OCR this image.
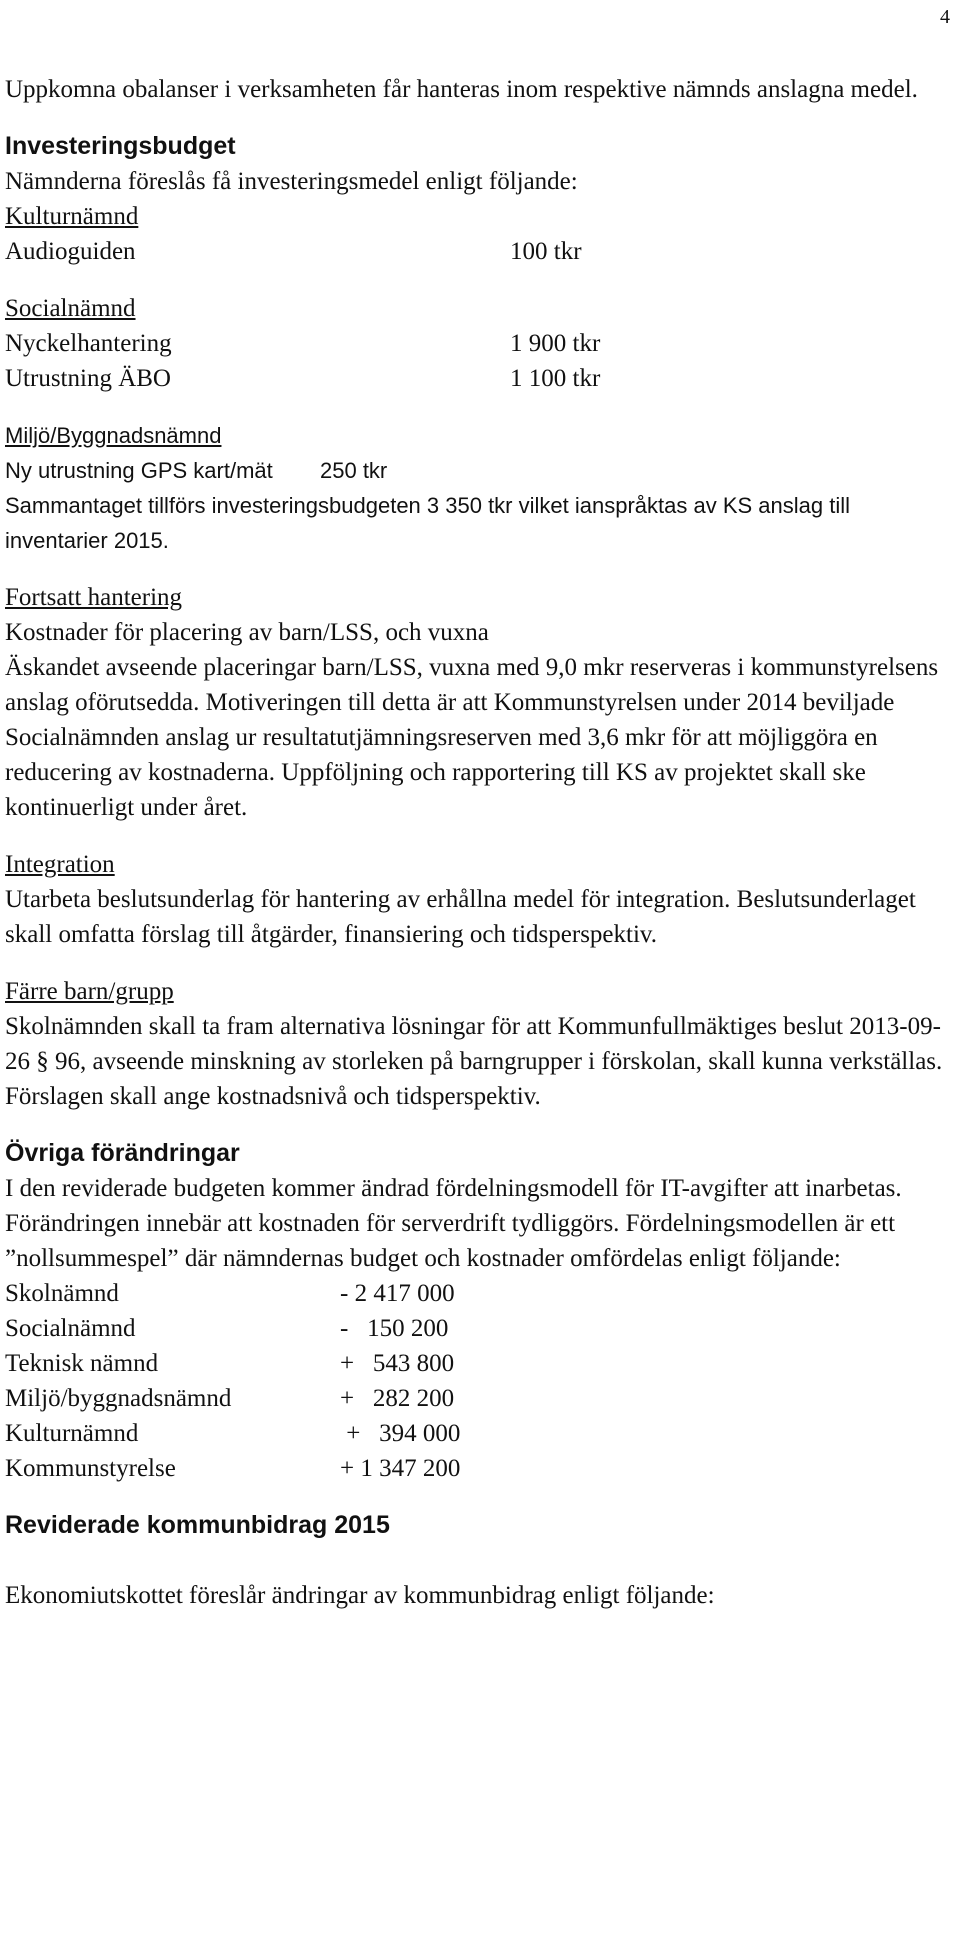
4

Uppkomna obalanser i verksamheten får hanteras inom respektive nämnds anslagna medel.

Investeringsbudget

Nämnderna föreslås få investeringsmedel enligt följande:

Kulturnämnd

Audioguiden	100 tkr

Socialnämnd

Nyckelhantering	1 900 tkr
Utrustning ÄBO	1 100 tkr

Miljö/Byggnadsnämnd

Ny utrustning GPS kart/mät	250 tkr

Sammantaget tillförs investeringsbudgeten 3 350 tkr vilket ianspråktas av KS anslag till inventarier 2015.

Fortsatt hantering

Kostnader för placering av barn/LSS, och vuxna

Äskandet avseende placeringar barn/LSS, vuxna med 9,0 mkr reserveras i kommunstyrelsens anslag oförutsedda. Motiveringen till detta är att Kommunstyrelsen under 2014 beviljade Socialnämnden anslag ur resultatutjämningsreserven med 3,6 mkr för att möjliggöra en reducering av kostnaderna. Uppföljning och rapportering till KS av projektet skall ske kontinuerligt under året.

Integration

Utarbeta beslutsunderlag för hantering av erhållna medel för integration. Beslutsunderlaget skall omfatta förslag till åtgärder, finansiering och tidsperspektiv.

Färre barn/grupp

Skolnämnden skall ta fram alternativa lösningar för att Kommunfullmäktiges beslut 2013-09-26 § 96, avseende minskning av storleken på barngrupper i förskolan, skall kunna verkställas.

Förslagen skall ange kostnadsnivå och tidsperspektiv.

Övriga förändringar

I den reviderade budgeten kommer ändrad fördelningsmodell för IT-avgifter att inarbetas. Förändringen innebär att kostnaden för serverdrift tydliggörs. Fördelningsmodellen är ett ”nollsummespel” där nämndernas budget och kostnader omfördelas enligt följande:

Skolnämnd	- 2 417 000
Socialnämnd	-   150 200
Teknisk nämnd	+   543 800
Miljö/byggnadsnämnd	+   282 200
Kulturnämnd	+   394 000
Kommunstyrelse	+ 1 347 200

Reviderade kommunbidrag 2015

Ekonomiutskottet föreslår ändringar av kommunbidrag enligt följande:
